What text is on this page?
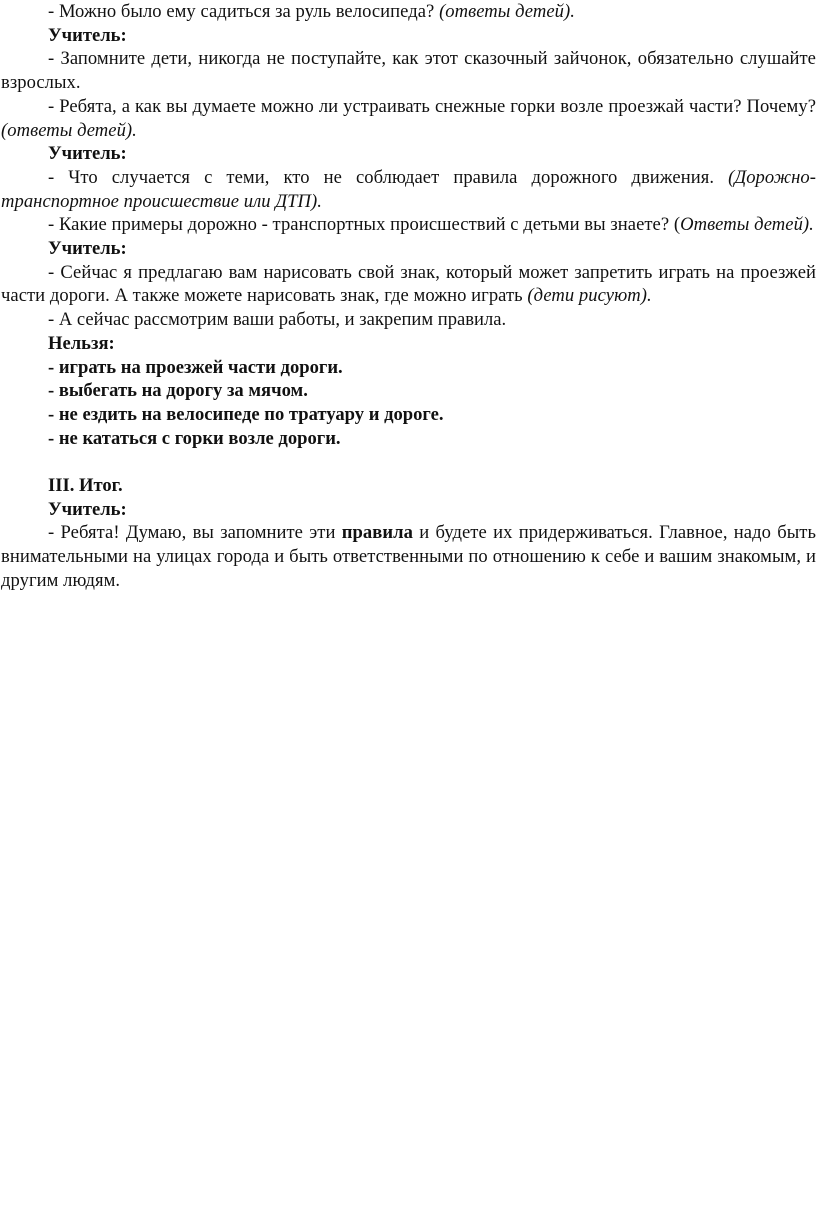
- Можно было ему садиться за руль велосипеда? (ответы детей).

Учитель:

- Запомните дети, никогда не поступайте, как этот сказочный зайчонок, обязательно слушайте взрослых.

- Ребята, а как вы думаете можно ли устраивать снежные горки возле проезжай части? Почему? (ответы детей).

Учитель:

- Что случается с теми, кто не соблюдает правила дорожного движения. (Дорожно-транспортное происшествие или ДТП).

- Какие примеры дорожно - транспортных происшествий с детьми вы знаете? (Ответы детей).

Учитель:

- Сейчас я предлагаю вам нарисовать свой знак, который может запретить играть на проезжей части дороги. А также можете нарисовать знак, где можно играть (дети рисуют).

- А сейчас рассмотрим ваши работы, и закрепим правила.

Нельзя:

- играть на проезжей части дороги.

- выбегать на дорогу за мячом.

- не ездить на велосипеде по тратуару и дороге.

- не кататься с горки возле дороги.

III. Итог.

Учитель:

- Ребята! Думаю, вы запомните эти правила и будете их придерживаться. Главное, надо быть внимательными на улицах города и быть ответственными по отношению к себе и вашим знакомым, и другим людям.
